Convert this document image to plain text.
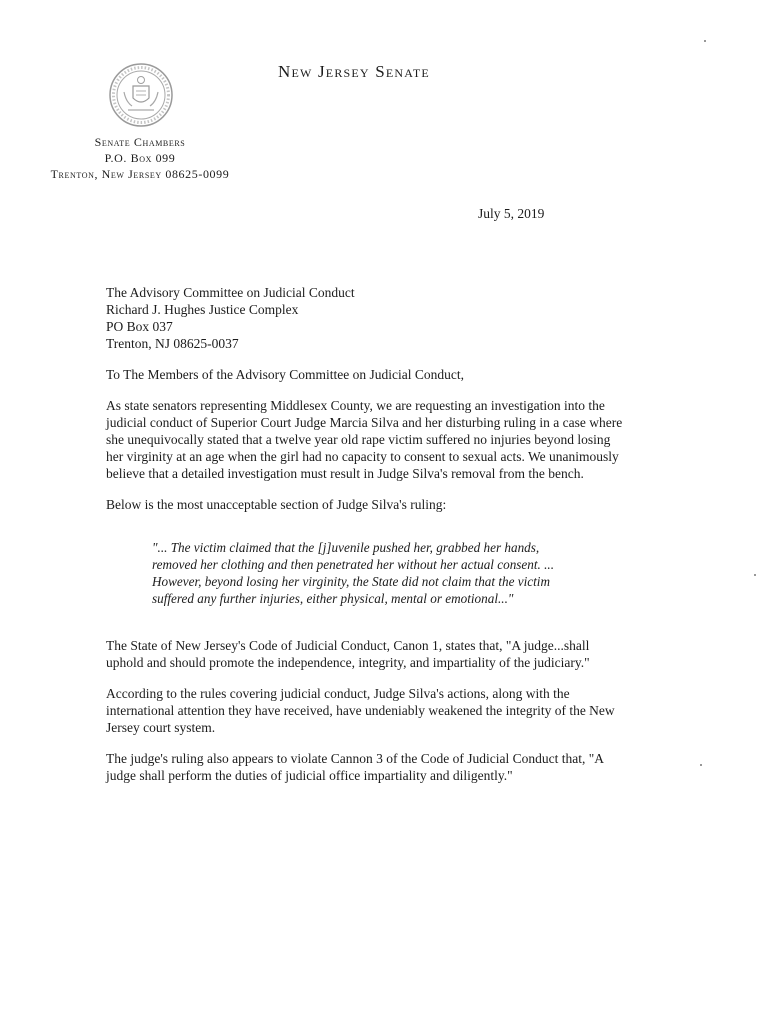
New Jersey Senate
Senate Chambers
P.O. Box 099
Trenton, New Jersey 08625-0099
July 5, 2019
The Advisory Committee on Judicial Conduct
Richard J. Hughes Justice Complex
PO Box 037
Trenton, NJ 08625-0037

To The Members of the Advisory Committee on Judicial Conduct,

As state senators representing Middlesex County, we are requesting an investigation into the judicial conduct of Superior Court Judge Marcia Silva and her disturbing ruling in a case where she unequivocally stated that a twelve year old rape victim suffered no injuries beyond losing her virginity at an age when the girl had no capacity to consent to sexual acts. We unanimously believe that a detailed investigation must result in Judge Silva's removal from the bench.

Below is the most unacceptable section of Judge Silva's ruling:

"... The victim claimed that the [j]uvenile pushed her, grabbed her hands, removed her clothing and then penetrated her without her actual consent. ... However, beyond losing her virginity, the State did not claim that the victim suffered any further injuries, either physical, mental or emotional..."

The State of New Jersey's Code of Judicial Conduct, Canon 1, states that, "A judge...shall uphold and should promote the independence, integrity, and impartiality of the judiciary."

According to the rules covering judicial conduct, Judge Silva's actions, along with the international attention they have received, have undeniably weakened the integrity of the New Jersey court system.

The judge's ruling also appears to violate Cannon 3 of the Code of Judicial Conduct that, "A judge shall perform the duties of judicial office impartiality and diligently."
